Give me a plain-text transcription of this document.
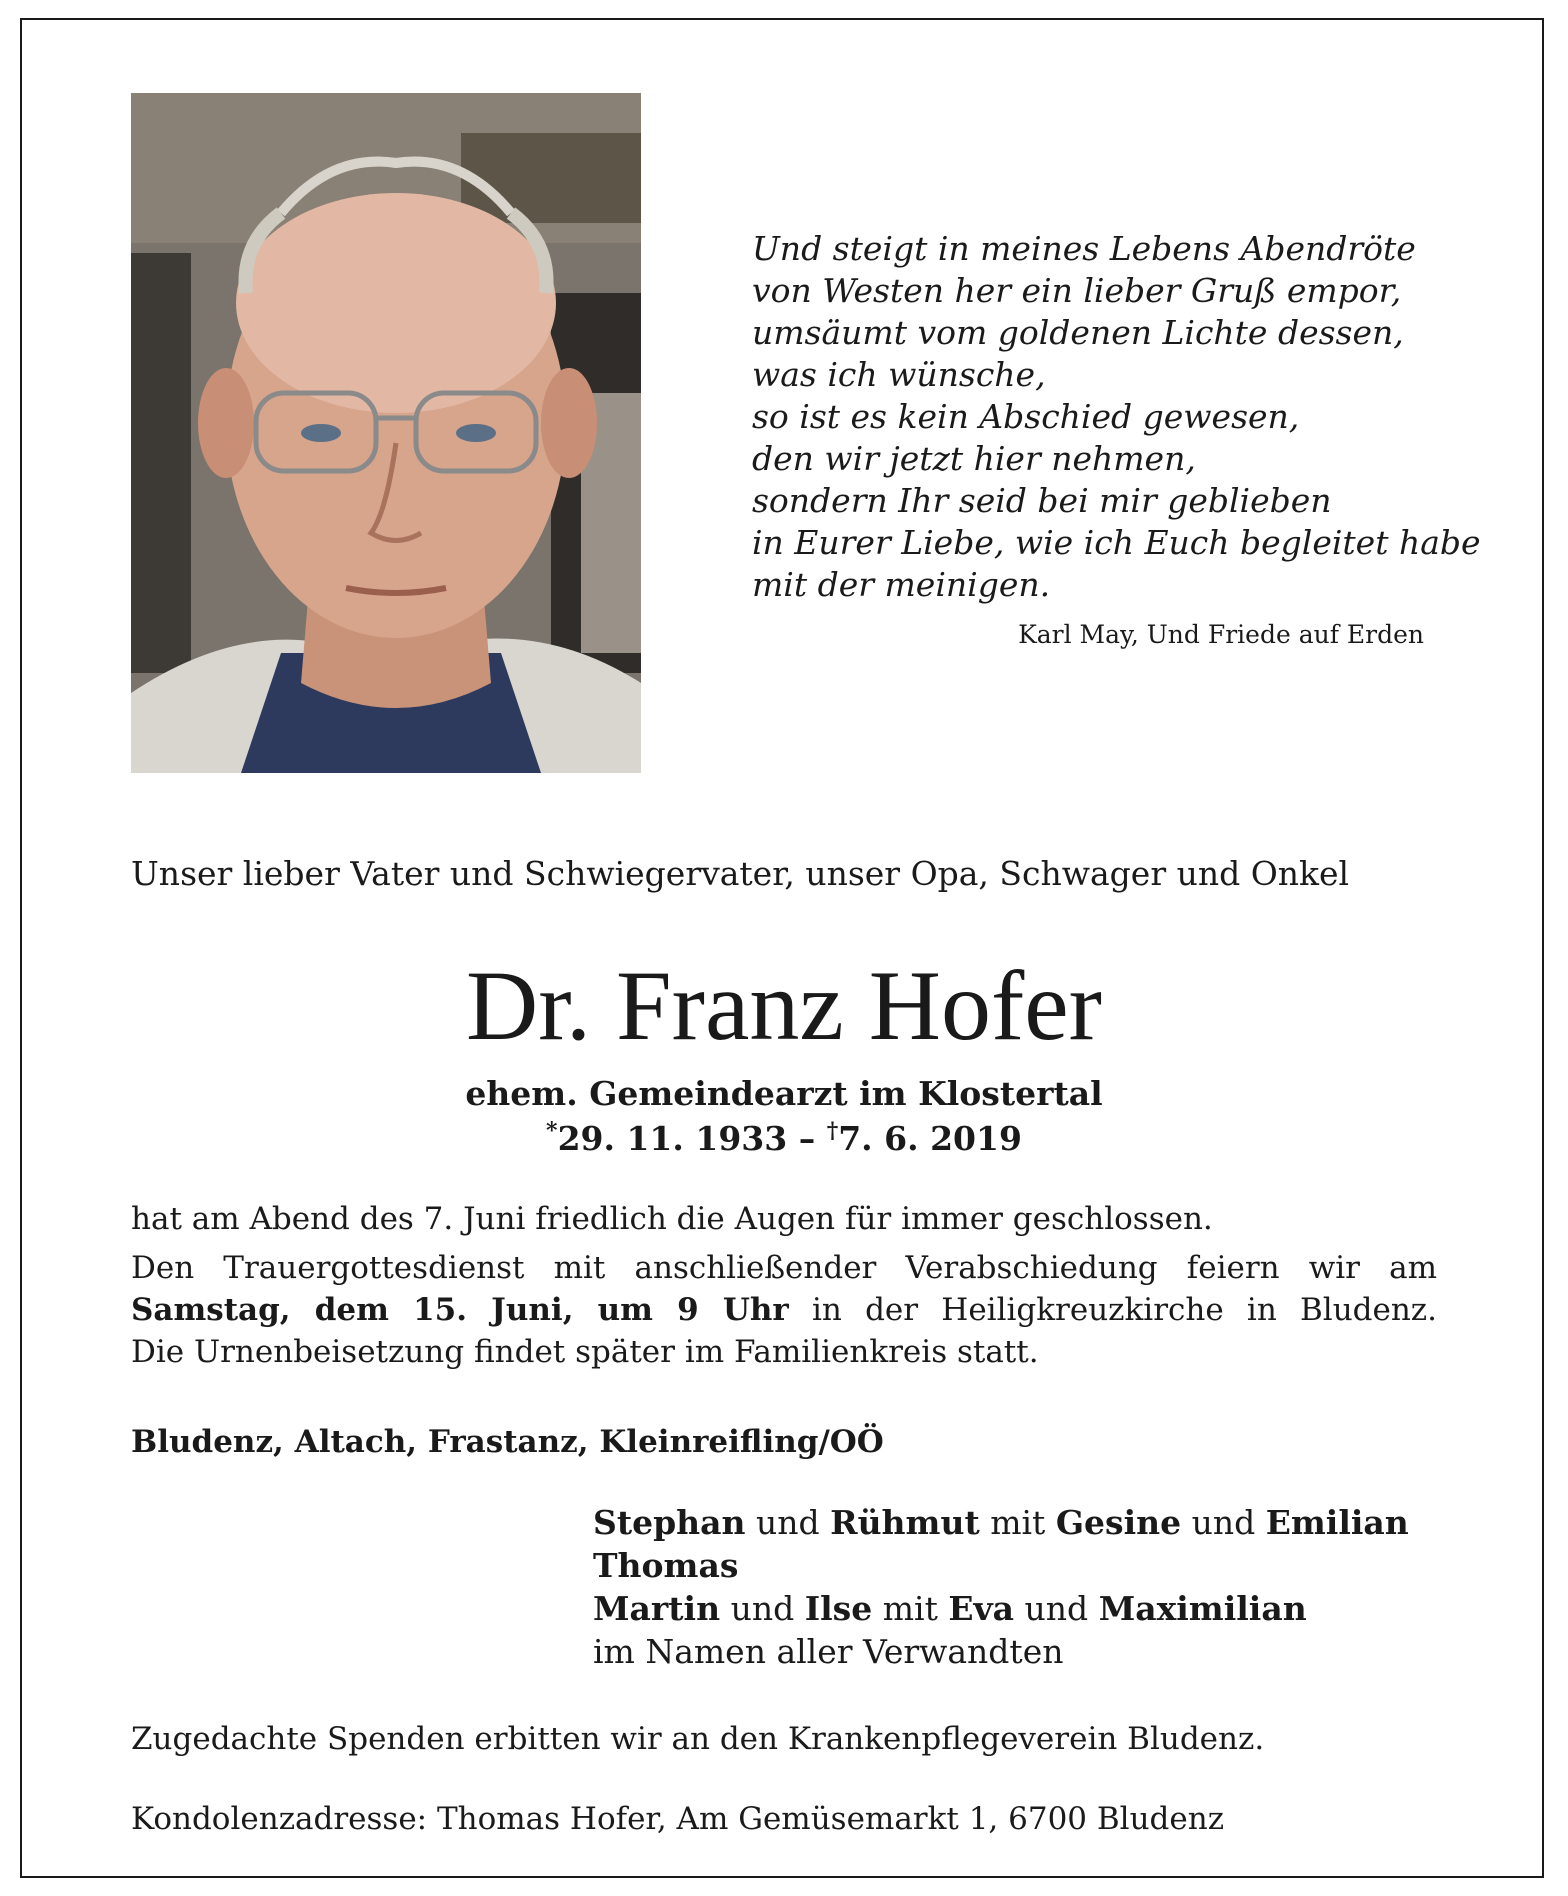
Und steigt in meines Lebens Abendröte
von Westen her ein lieber Gruß empor,
umsäumt vom goldenen Lichte dessen,
was ich wünsche,
so ist es kein Abschied gewesen,
den wir jetzt hier nehmen,
sondern Ihr seid bei mir geblieben
in Eurer Liebe, wie ich Euch begleitet habe
mit der meinigen.
Karl May, Und Friede auf Erden
Unser lieber Vater und Schwiegervater, unser Opa, Schwager und Onkel
Dr. Franz Hofer
ehem. Gemeindearzt im Klostertal
*29. 11. 1933 – †7. 6. 2019
hat am Abend des 7. Juni friedlich die Augen für immer geschlossen.
Den Trauergottesdienst mit anschließender Verabschiedung feiern wir am
Samstag, dem 15. Juni, um 9 Uhr in der Heiligkreuzkirche in Bludenz.
Die Urnenbeisetzung findet später im Familienkreis statt.
Bludenz, Altach, Frastanz, Kleinreifling/OÖ
Stephan und Rühmut mit Gesine und Emilian
Thomas
Martin und Ilse mit Eva und Maximilian
im Namen aller Verwandten
Zugedachte Spenden erbitten wir an den Krankenpflegeverein Bludenz.
Kondolenzadresse: Thomas Hofer, Am Gemüsemarkt 1, 6700 Bludenz
